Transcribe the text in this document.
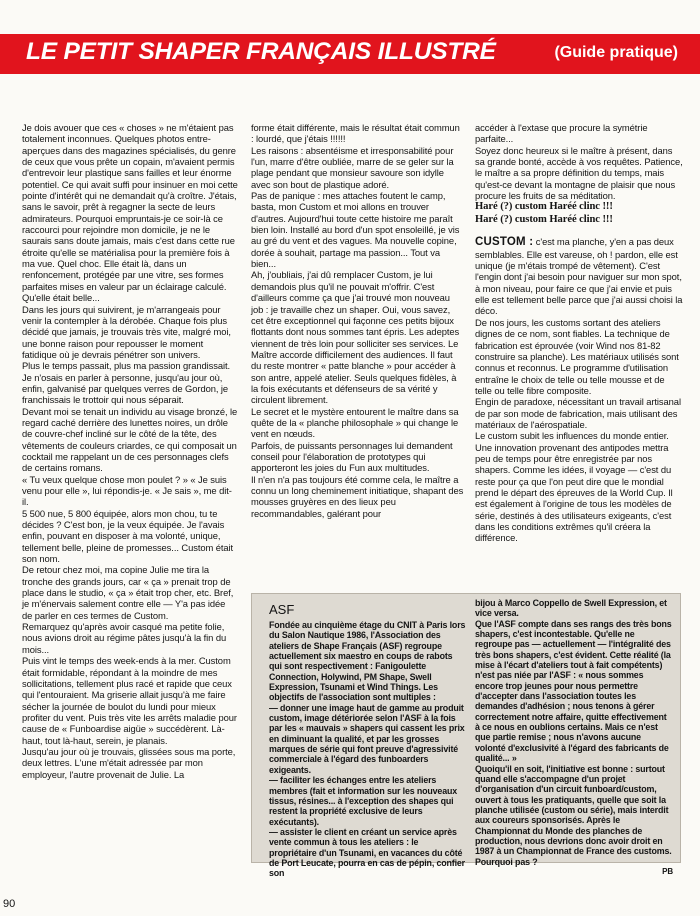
LE PETIT SHAPER FRANÇAIS ILLUSTRÉ	(Guide pratique)

Je dois avouer que ces « choses » ne m'étaient pas totalement inconnues. Quelques photos entre-aperçues dans des magazines spécialisés, du genre de ceux que vous prête un copain, m'avaient permis d'entrevoir leur plastique sans failles et leur énorme potentiel. Ce qui avait suffi pour insinuer en moi cette pointe d'intérêt qui ne demandait qu'à croître. J'étais, sans le savoir, prêt à regagner la secte de leurs admirateurs. Pourquoi empruntais-je ce soir-là ce raccourci pour rejoindre mon domicile, je ne le saurais sans doute jamais, mais c'est dans cette rue étroite qu'elle se matérialisa pour la première fois à ma vue. Quel choc. Elle était là, dans un renfoncement, protégée par une vitre, ses formes parfaites mises en valeur par un éclairage calculé. Qu'elle était belle...

Dans les jours qui suivirent, je m'arrangeais pour venir la contempler à la dérobée. Chaque fois plus décidé que jamais, je trouvais très vite, malgré moi, une bonne raison pour repousser le moment fatidique où je devrais pénétrer son univers.

Plus le temps passait, plus ma passion grandissait. Je n'osais en parler à personne, jusqu'au jour où, enfin, galvanisé par quelques verres de Gordon, je franchissais le trottoir qui nous séparait.

Devant moi se tenait un individu au visage bronzé, le regard caché derrière des lunettes noires, un drôle de couvre-chef incliné sur le côté de la tête, des vêtements de couleurs criardes, ce qui composait un cocktail me rappelant un de ces personnages clefs de certains romans.

« Tu veux quelque chose mon poulet ? » « Je suis venu pour elle », lui répondis-je. « Je sais », me dit-il.

5 500 nue, 5 800 équipée, alors mon chou, tu te décides ? C'est bon, je la veux équipée. Je l'avais enfin, pouvant en disposer à ma volonté, unique, tellement belle, pleine de promesses... Custom était son nom.

De retour chez moi, ma copine Julie me tira la tronche des grands jours, car « ça » prenait trop de place dans le studio, « ça » était trop cher, etc. Bref, je m'énervais salement contre elle — Y'a pas idée de parler en ces termes de Custom.

Remarquez qu'après avoir casqué ma petite folie, nous avions droit au régime pâtes jusqu'à la fin du mois...

Puis vint le temps des week-ends à la mer. Custom était formidable, répondant à la moindre de mes sollicitations, tellement plus racé et rapide que ceux qui l'entouraient. Ma griserie allait jusqu'à me faire sécher la journée de boulot du lundi pour mieux profiter du vent. Puis très vite les arrêts maladie pour cause de « Funboardise aigüe » succédèrent. Là-haut, tout là-haut, serein, je planais.

Jusqu'au jour où je trouvais, glissées sous ma porte, deux lettres. L'une m'était adressée par mon employeur, l'autre provenait de Julie. La

forme était différente, mais le résultat était commun : lourdé, que j'étais !!!!!!

Les raisons : absentéisme et irresponsabilité pour l'un, marre d'être oubliée, marre de se geler sur la plage pendant que monsieur savoure son idylle avec son bout de plastique adoré.

Pas de panique : mes attaches foutent le camp, basta, mon Custom et moi allons en trouver d'autres. Aujourd'hui toute cette histoire me paraît bien loin. Installé au bord d'un spot ensoleillé, je vis au gré du vent et des vagues. Ma nouvelle copine, dorée à souhait, partage ma passion... Tout va bien...

Ah, j'oubliais, j'ai dû remplacer Custom, je lui demandois plus qu'il ne pouvait m'offrir. C'est d'ailleurs comme ça que j'ai trouvé mon nouveau job : je travaille chez un shaper. Oui, vous savez, cet être exceptionnel qui façonne ces petits bijoux flottants dont nous sommes tant épris. Les adeptes viennent de très loin pour solliciter ses services. Le Maître accorde difficilement des audiences. Il faut du reste montrer « patte blanche » pour accéder à son antre, appelé atelier. Seuls quelques fidèles, à la fois exécutants et défenseurs de sa vérité y circulent librement.

Le secret et le mystère entourent le maître dans sa quête de la « planche philosophale » qui change le vent en nœuds.

Parfois, de puissants personnages lui demandent conseil pour l'élaboration de prototypes qui apporteront les joies du Fun aux multitudes.

Il n'en n'a pas toujours été comme cela, le maître a connu un long cheminement initiatique, shapant des mousses gruyères en des lieux peu recommandables, galérant pour

accéder à l'extase que procure la symétrie parfaite...

Soyez donc heureux si le maître à présent, dans sa grande bonté, accède à vos requêtes. Patience, le maître a sa propre définition du temps, mais qu'est-ce devant la montagne de plaisir que nous procure les fruits de sa méditation.

Haré (?) custom Haréé clinc !!!

Haré (?) custom Haréé clinc !!!

CUSTOM : c'est ma planche, y'en a pas deux semblables. Elle est vareuse, oh ! pardon, elle est unique (je m'étais trompé de vêtement). C'est l'engin dont j'ai besoin pour naviguer sur mon spot, à mon niveau, pour faire ce que j'ai envie et puis elle est tellement belle parce que j'ai aussi choisi la déco.

De nos jours, les customs sortant des ateliers dignes de ce nom, sont fiables. La technique de fabrication est éprouvée (voir Wind nos 81-82 construire sa planche). Les matériaux utilisés sont connus et reconnus. Le programme d'utilisation entraîne le choix de telle ou telle mousse et de telle ou telle fibre composite.

Engin de paradoxe, nécessitant un travail artisanal de par son mode de fabrication, mais utilisant des matériaux de l'aérospatiale.

Le custom subit les influences du monde entier. Une innovation provenant des antipodes mettra peu de temps pour être enregistrée par nos shapers. Comme les idées, il voyage — c'est du reste pour ça que l'on peut dire que le mondial prend le départ des épreuves de la World Cup. Il est également à l'origine de tous les modèles de série, destinés à des utilisateurs exigeants, c'est dans les conditions extrêmes qu'il créera la différence.

ASF

Fondée au cinquième étage du CNIT à Paris lors du Salon Nautique 1986, l'Association des ateliers de Shape Français (ASF) regroupe actuellement six maestro en coups de rabots qui sont respectivement : Fanigoulette Connection, Holywind, PM Shape, Swell Expression, Tsunami et Wind Things. Les objectifs de l'association sont multiples :

— donner une image haut de gamme au produit custom, image détériorée selon l'ASF à la fois par les « mauvais » shapers qui cassent les prix en diminuant la qualité, et par les grosses marques de série qui font preuve d'agressivité commerciale à l'égard des funboarders exigeants.

— faciliter les échanges entre les ateliers membres (fait et information sur les nouveaux tissus, résines... à l'exception des shapes qui restent la propriété exclusive de leurs exécutants).

— assister le client en créant un service après vente commun à tous les ateliers : le propriétaire d'un Tsunami, en vacances du côté de Port Leucate, pourra en cas de pépin, confier son

bijou à Marco Coppello de Swell Expression, et vice versa.

Que l'ASF compte dans ses rangs des très bons shapers, c'est incontestable. Qu'elle ne regroupe pas — actuellement — l'intégralité des très bons shapers, c'est évident. Cette réalité (la mise à l'écart d'ateliers tout à fait compétents) n'est pas niée par l'ASF : « nous sommes encore trop jeunes pour nous permettre d'accepter dans l'association toutes les demandes d'adhésion ; nous tenons à gérer correctement notre affaire, quitte effectivement à ce nous en oublions certains. Mais ce n'est que partie remise ; nous n'avons aucune volonté d'exclusivité à l'égard des fabricants de qualité... »

Quoiqu'il en soit, l'initiative est bonne : surtout quand elle s'accompagne d'un projet d'organisation d'un circuit funboard/custom, ouvert à tous les pratiquants, quelle que soit la planche utilisée (custom ou série), mais interdit aux coureurs sponsorisés. Après le Championnat du Monde des planches de production, nous devrions donc avoir droit en 1987 à un Championnat de France des customs. Pourquoi pas ?

PB

90
